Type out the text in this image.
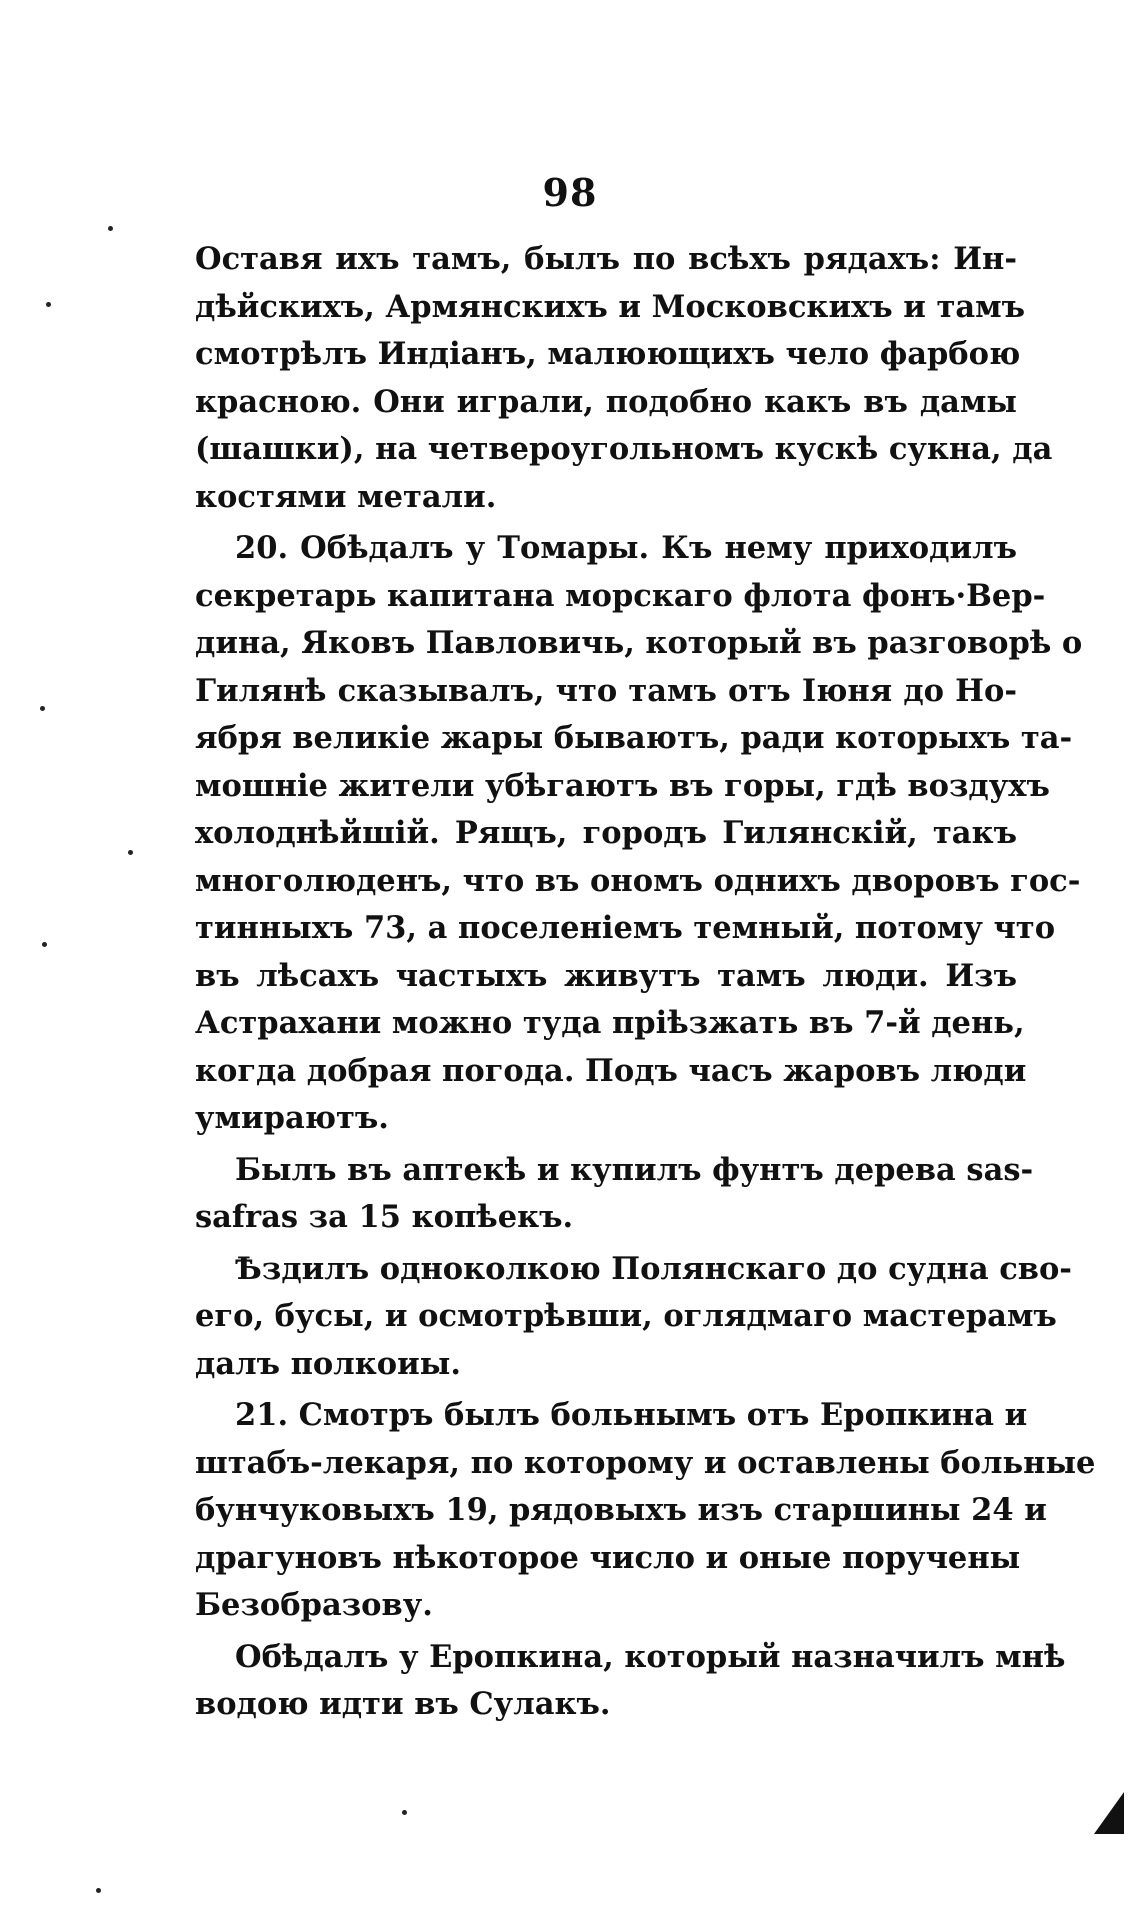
98
Оставя ихъ тамъ, былъ по всѣхъ рядахъ: Ин-
дѣйскихъ, Армянскихъ и Московскихъ и тамъ
смотрѣлъ Индіанъ, малюющихъ чело фарбою
красною. Они играли, подобно какъ въ дамы
(шашки), на четвероугольномъ кускѣ сукна, да
костями метали.
20. Обѣдалъ у Томары. Къ нему приходилъ
секретарь капитана морскаго флота фонъ·Вер-
дина, Яковъ Павловичь, который въ разговорѣ о
Гилянѣ сказывалъ, что тамъ отъ Іюня до Но-
ября великіе жары бываютъ, ради которыхъ та-
мошніе жители убѣгаютъ въ горы, гдѣ воздухъ
холоднѣйшій. Рящъ, городъ Гилянскій, такъ
многолюденъ, что въ ономъ однихъ дворовъ гос-
тинныхъ 73, а поселеніемъ темный, потому что
въ лѣсахъ частыхъ живутъ тамъ люди. Изъ
Астрахани можно туда пріѣзжать въ 7-й день,
когда добрая погода. Подъ часъ жаровъ люди
умираютъ.
Былъ въ аптекѣ и купилъ фунтъ дерева sas-
safras за 15 копѣекъ.
Ѣздилъ одноколкою Полянскаго до судна сво-
его, бусы, и осмотрѣвши, оглядмаго мастерамъ
далъ полкоиы.
21. Смотръ былъ больнымъ отъ Еропкина и
штабъ-лекаря, по которому и оставлены больные
бунчуковыхъ 19, рядовыхъ изъ старшины 24 и
драгуновъ нѣкоторое число и оные поручены
Безобразову.
Обѣдалъ у Еропкина, который назначилъ мнѣ
водою идти въ Сулакъ.
